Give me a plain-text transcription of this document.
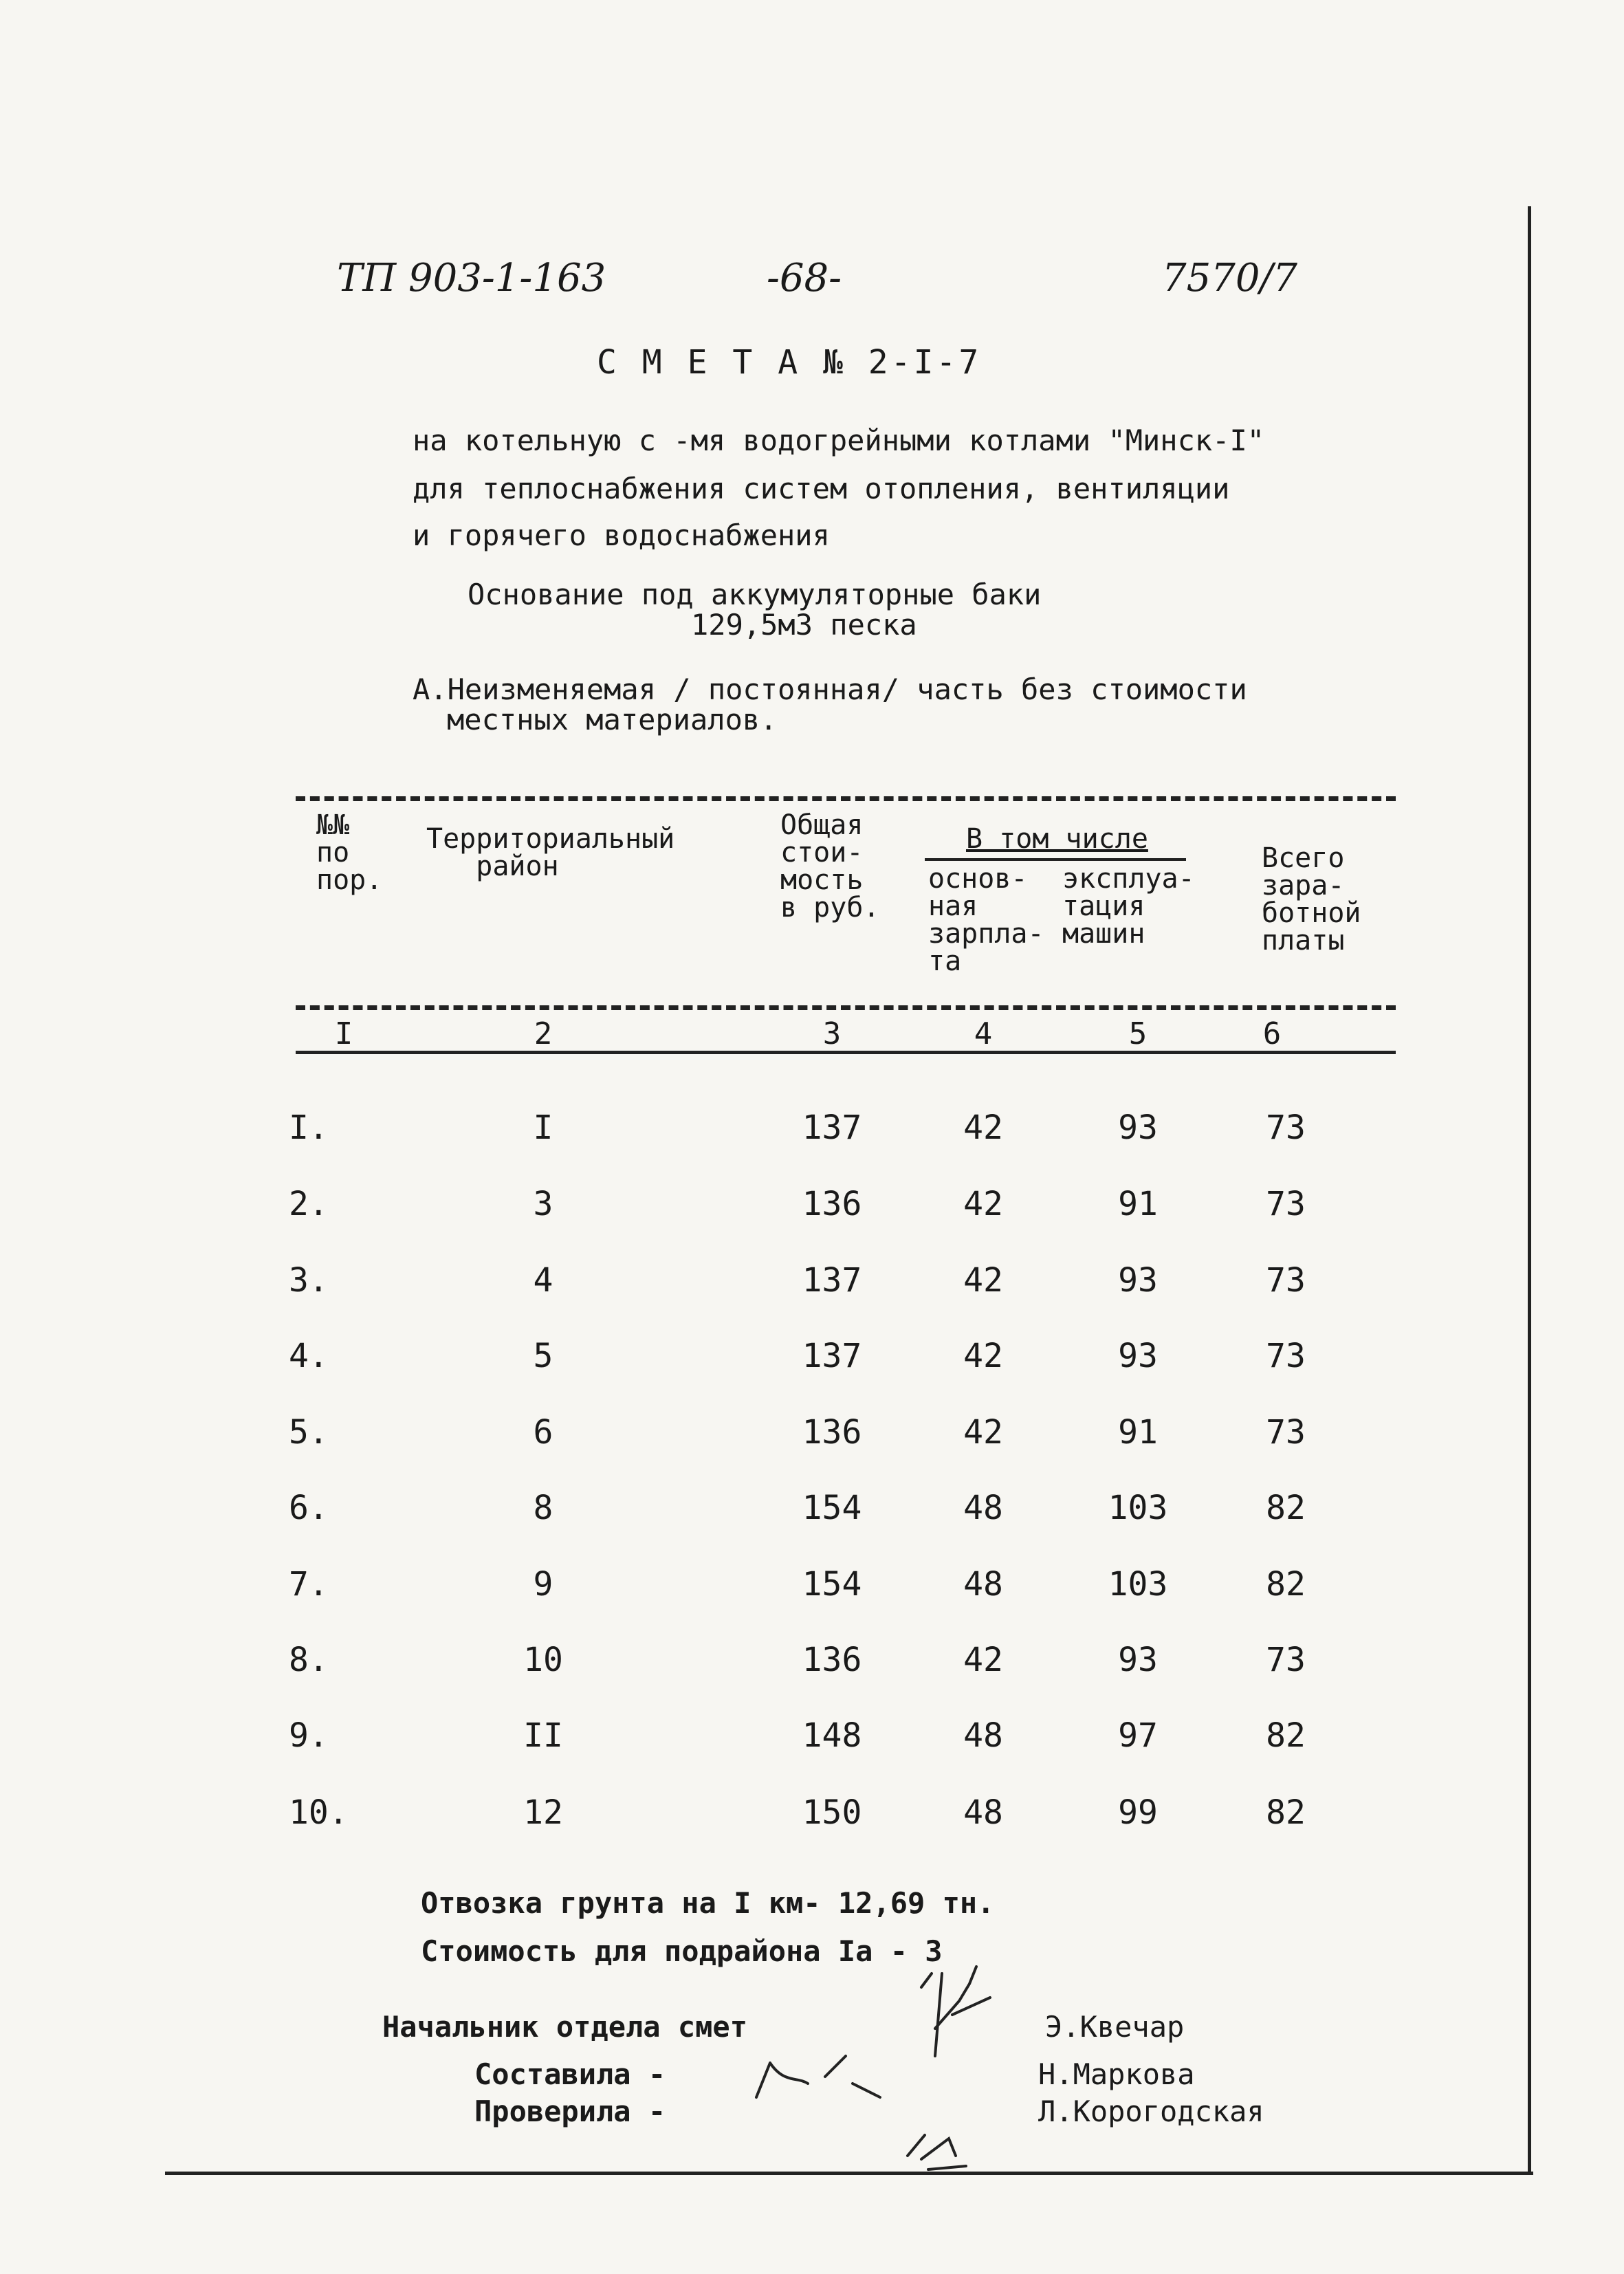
ТП 903-1-163	-68-	7570/7
С М Е Т А № 2-I-7
на котельную с -мя водогрейными котлами "Минск-I"
для теплоснабжения систем отопления, вентиляции
и горячего водоснабжения
Основание под аккумуляторные баки
129,5м3 песка
А.Неизменяемая / постоянная/ часть без стоимости
местных материалов.
№№
по
пор.
Территориальный
район
Общая
стои-
мость
в руб.
В том числе
основ-
ная
зарпла-
та
эксплуа-
тация
машин
Всего
зара-
ботной
платы
I	2	3	4	5	6
I.	I	137	42	93	73
2.	3	136	42	91	73
3.	4	137	42	93	73
4.	5	137	42	93	73
5.	6	136	42	91	73
6.	8	154	48	103	82
7.	9	154	48	103	82
8.	10	136	42	93	73
9.	II	148	48	97	82
10.	12	150	48	99	82
Отвозка грунта на I км- 12,69 тн.
Стоимость для подрайона Iа - 3
Начальник отдела смет	Э.Квечар
Составила -	Н.Маркова
Проверила -	Л.Корогодская
